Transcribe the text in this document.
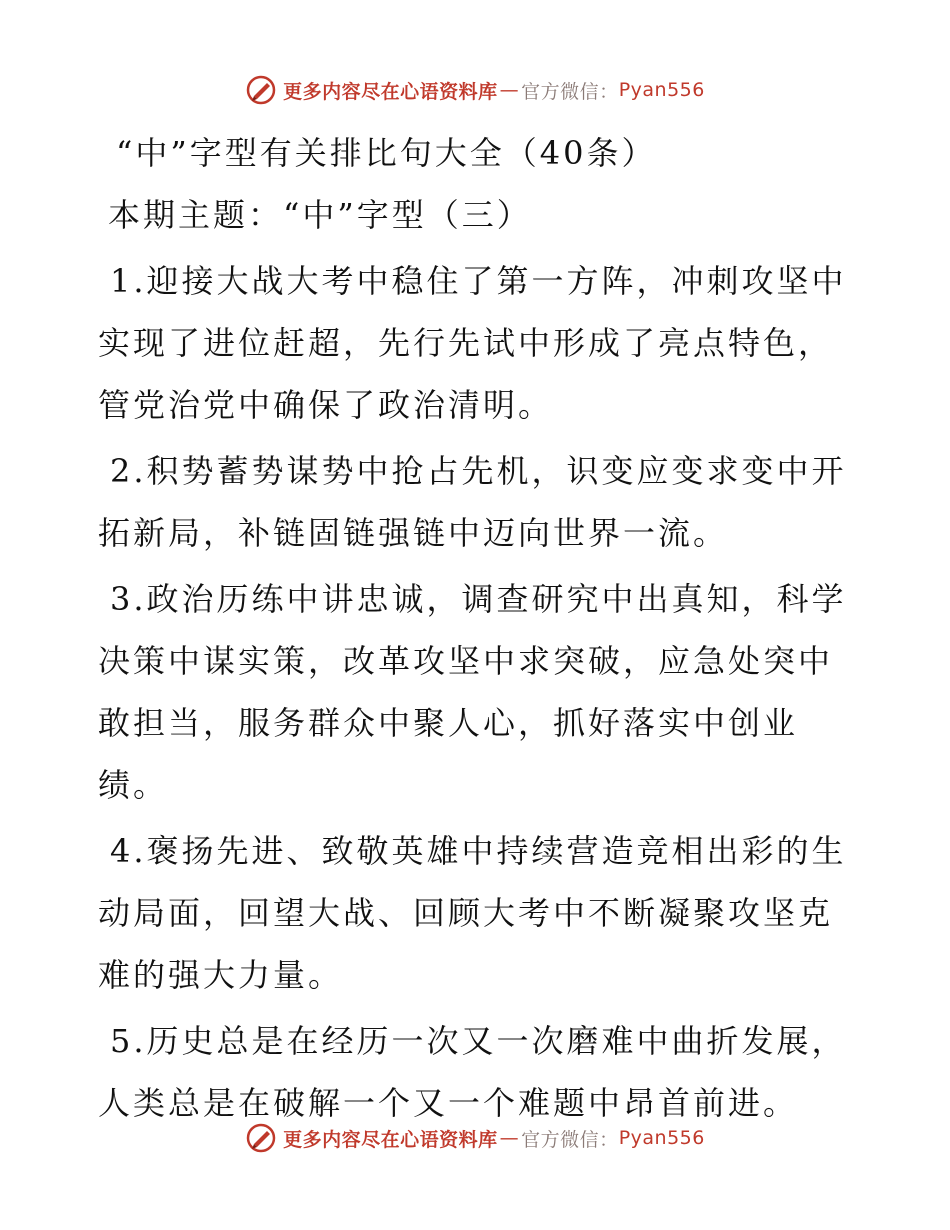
更多内容尽在心语资料库 — 官方微信： Pyan556

“中”字型有关排比句大全（40条）

本期主题：“中”字型（三）

1.迎接大战大考中稳住了第一方阵，冲刺攻坚中实现了进位赶超，先行先试中形成了亮点特色，管党治党中确保了政治清明。

2.积势蓄势谋势中抢占先机，识变应变求变中开拓新局，补链固链强链中迈向世界一流。

3.政治历练中讲忠诚，调查研究中出真知，科学决策中谋实策，改革攻坚中求突破，应急处突中敢担当，服务群众中聚人心，抓好落实中创业绩。

4.褒扬先进、致敬英雄中持续营造竞相出彩的生动局面，回望大战、回顾大考中不断凝聚攻坚克难的强大力量。

5.历史总是在经历一次又一次磨难中曲折发展，人类总是在破解一个又一个难题中昂首前进。

更多内容尽在心语资料库 — 官方微信： Pyan556
